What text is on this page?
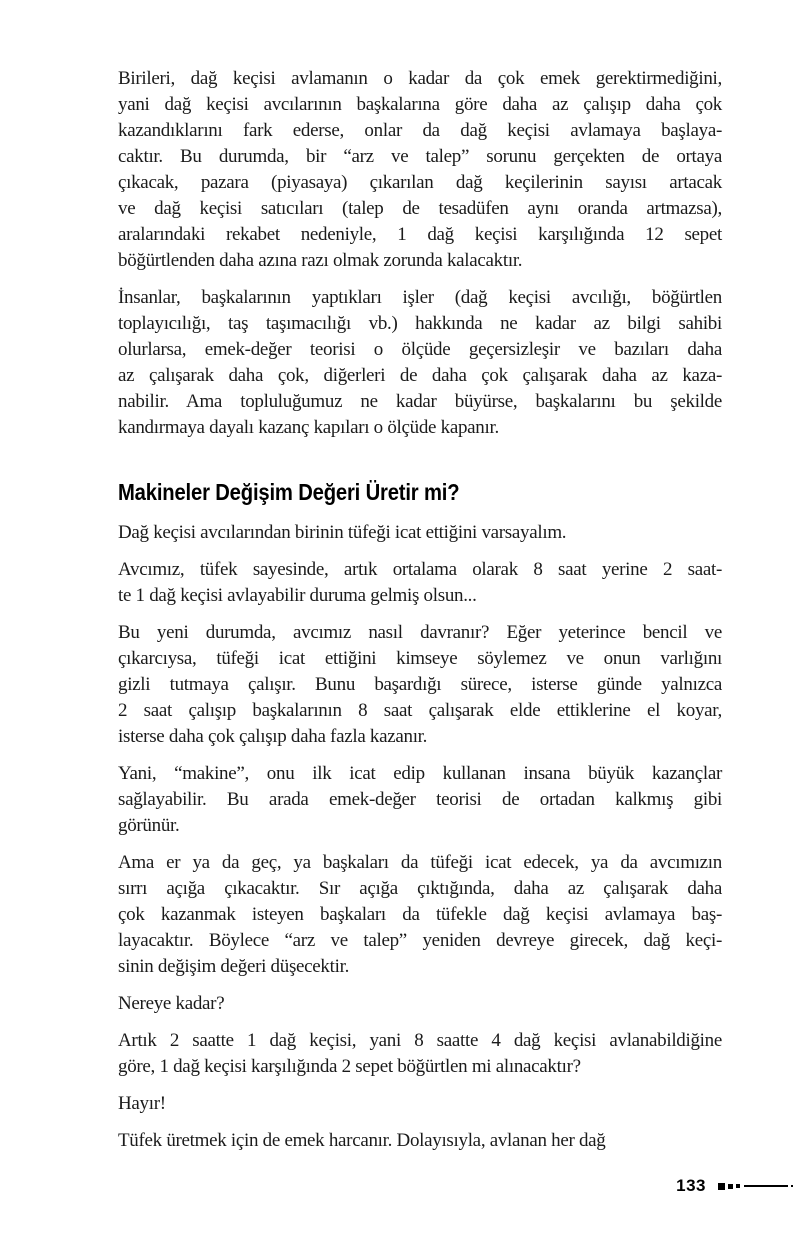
Birileri, dağ keçisi avlamanın o kadar da çok emek gerektirmediğini,
yani dağ keçisi avcılarının başkalarına göre daha az çalışıp daha çok
kazandıklarını fark ederse, onlar da dağ keçisi avlamaya başlaya-
caktır. Bu durumda, bir “arz ve talep” sorunu gerçekten de ortaya
çıkacak, pazara (piyasaya) çıkarılan dağ keçilerinin sayısı artacak
ve dağ keçisi satıcıları (talep de tesadüfen aynı oranda artmazsa),
aralarındaki rekabet nedeniyle, 1 dağ keçisi karşılığında 12 sepet
böğürtlenden daha azına razı olmak zorunda kalacaktır.
İnsanlar, başkalarının yaptıkları işler (dağ keçisi avcılığı, böğürtlen
toplayıcılığı, taş taşımacılığı vb.) hakkında ne kadar az bilgi sahibi
olurlarsa, emek-değer teorisi o ölçüde geçersizleşir ve bazıları daha
az çalışarak daha çok, diğerleri de daha çok çalışarak daha az kaza-
nabilir. Ama topluluğumuz ne kadar büyürse, başkalarını bu şekilde
kandırmaya dayalı kazanç kapıları o ölçüde kapanır.
Makineler Değişim Değeri Üretir mi?
Dağ keçisi avcılarından birinin tüfeği icat ettiğini varsayalım.
Avcımız, tüfek sayesinde, artık ortalama olarak 8 saat yerine 2 saat-
te 1 dağ keçisi avlayabilir duruma gelmiş olsun...
Bu yeni durumda, avcımız nasıl davranır? Eğer yeterince bencil ve
çıkarcıysa, tüfeği icat ettiğini kimseye söylemez ve onun varlığını
gizli tutmaya çalışır. Bunu başardığı sürece, isterse günde yalnızca
2 saat çalışıp başkalarının 8 saat çalışarak elde ettiklerine el koyar,
isterse daha çok çalışıp daha fazla kazanır.
Yani, “makine”, onu ilk icat edip kullanan insana büyük kazançlar
sağlayabilir. Bu arada emek-değer teorisi de ortadan kalkmış gibi
görünür.
Ama er ya da geç, ya başkaları da tüfeği icat edecek, ya da avcımızın
sırrı açığa çıkacaktır. Sır açığa çıktığında, daha az çalışarak daha
çok kazanmak isteyen başkaları da tüfekle dağ keçisi avlamaya baş-
layacaktır. Böylece “arz ve talep” yeniden devreye girecek, dağ keçi-
sinin değişim değeri düşecektir.
Nereye kadar?
Artık 2 saatte 1 dağ keçisi, yani 8 saatte 4 dağ keçisi avlanabildiğine
göre, 1 dağ keçisi karşılığında 2 sepet böğürtlen mi alınacaktır?
Hayır!
Tüfek üretmek için de emek harcanır. Dolayısıyla, avlanan her dağ
133
